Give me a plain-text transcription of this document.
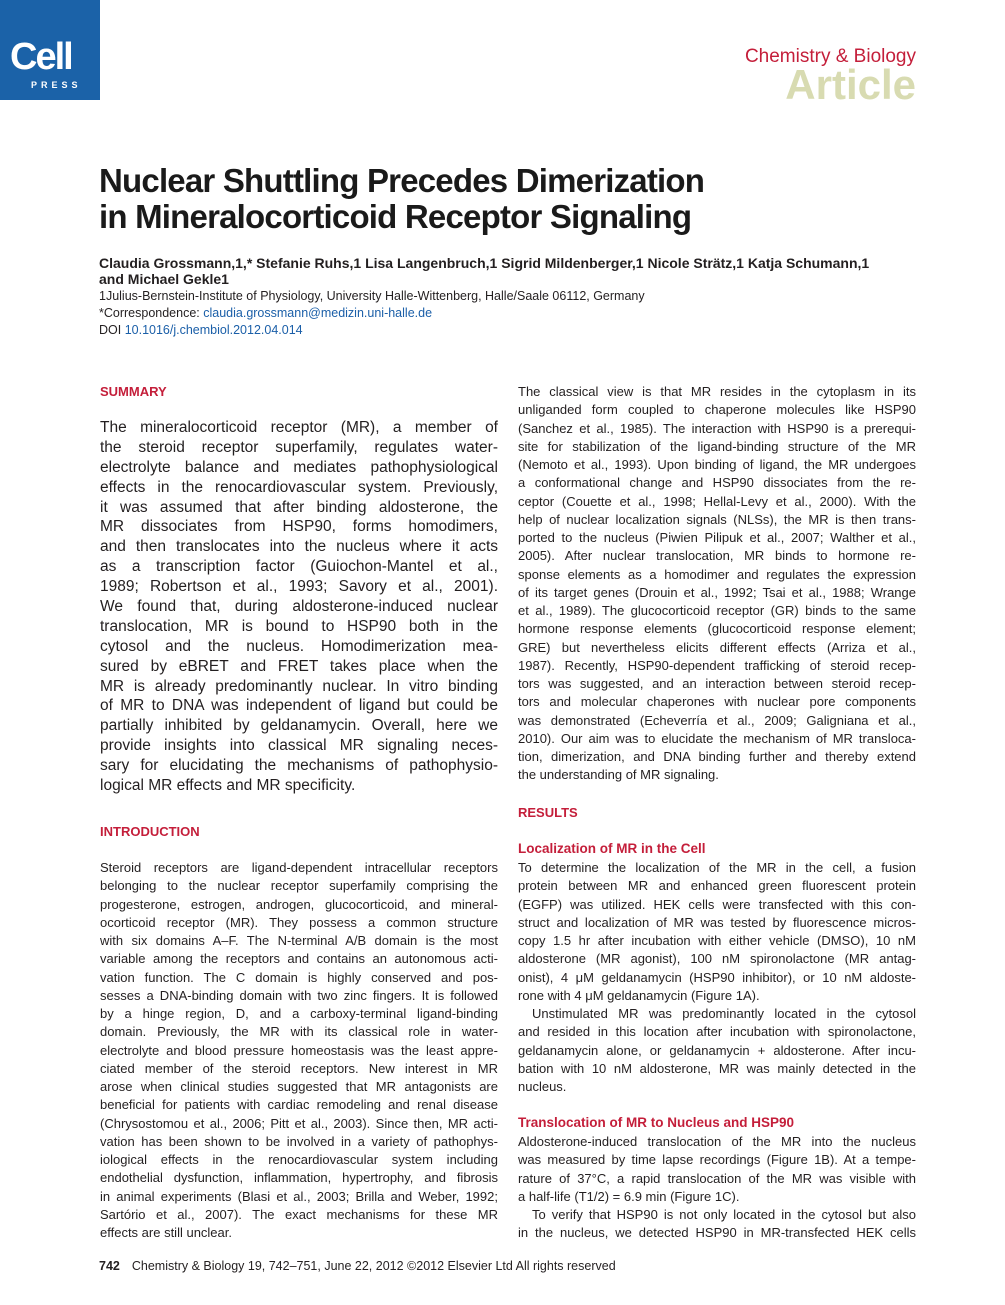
Cell
PRESS
Chemistry & Biology
Article
Nuclear Shuttling Precedes Dimerization
in Mineralocorticoid Receptor Signaling
Claudia Grossmann,1,* Stefanie Ruhs,1 Lisa Langenbruch,1 Sigrid Mildenberger,1 Nicole Strätz,1 Katja Schumann,1
and Michael Gekle1
1Julius-Bernstein-Institute of Physiology, University Halle-Wittenberg, Halle/Saale 06112, Germany
*Correspondence: claudia.grossmann@medizin.uni-halle.de
DOI 10.1016/j.chembiol.2012.04.014
SUMMARY
The mineralocorticoid receptor (MR), a member of
the steroid receptor superfamily, regulates water-
electrolyte balance and mediates pathophysiological
effects in the renocardiovascular system. Previously,
it was assumed that after binding aldosterone, the
MR dissociates from HSP90, forms homodimers,
and then translocates into the nucleus where it acts
as a transcription factor (Guiochon-Mantel et al.,
1989; Robertson et al., 1993; Savory et al., 2001).
We found that, during aldosterone-induced nuclear
translocation, MR is bound to HSP90 both in the
cytosol and the nucleus. Homodimerization mea-
sured by eBRET and FRET takes place when the
MR is already predominantly nuclear. In vitro binding
of MR to DNA was independent of ligand but could be
partially inhibited by geldanamycin. Overall, here we
provide insights into classical MR signaling neces-
sary for elucidating the mechanisms of pathophysio-
logical MR effects and MR specificity.
INTRODUCTION
Steroid receptors are ligand-dependent intracellular receptors
belonging to the nuclear receptor superfamily comprising the
progesterone, estrogen, androgen, glucocorticoid, and mineral-
ocorticoid receptor (MR). They possess a common structure
with six domains A–F. The N-terminal A/B domain is the most
variable among the receptors and contains an autonomous acti-
vation function. The C domain is highly conserved and pos-
sesses a DNA-binding domain with two zinc fingers. It is followed
by a hinge region, D, and a carboxy-terminal ligand-binding
domain. Previously, the MR with its classical role in water-
electrolyte and blood pressure homeostasis was the least appre-
ciated member of the steroid receptors. New interest in MR
arose when clinical studies suggested that MR antagonists are
beneficial for patients with cardiac remodeling and renal disease
(Chrysostomou et al., 2006; Pitt et al., 2003). Since then, MR acti-
vation has been shown to be involved in a variety of pathophys-
iological effects in the renocardiovascular system including
endothelial dysfunction, inflammation, hypertrophy, and fibrosis
in animal experiments (Blasi et al., 2003; Brilla and Weber, 1992;
Sartório et al., 2007). The exact mechanisms for these MR
effects are still unclear.
The classical view is that MR resides in the cytoplasm in its
unliganded form coupled to chaperone molecules like HSP90
(Sanchez et al., 1985). The interaction with HSP90 is a prerequi-
site for stabilization of the ligand-binding structure of the MR
(Nemoto et al., 1993). Upon binding of ligand, the MR undergoes
a conformational change and HSP90 dissociates from the re-
ceptor (Couette et al., 1998; Hellal-Levy et al., 2000). With the
help of nuclear localization signals (NLSs), the MR is then trans-
ported to the nucleus (Piwien Pilipuk et al., 2007; Walther et al.,
2005). After nuclear translocation, MR binds to hormone re-
sponse elements as a homodimer and regulates the expression
of its target genes (Drouin et al., 1992; Tsai et al., 1988; Wrange
et al., 1989). The glucocorticoid receptor (GR) binds to the same
hormone response elements (glucocorticoid response element;
GRE) but nevertheless elicits different effects (Arriza et al.,
1987). Recently, HSP90-dependent trafficking of steroid recep-
tors was suggested, and an interaction between steroid recep-
tors and molecular chaperones with nuclear pore components
was demonstrated (Echeverría et al., 2009; Galigniana et al.,
2010). Our aim was to elucidate the mechanism of MR transloca-
tion, dimerization, and DNA binding further and thereby extend
the understanding of MR signaling.
RESULTS
Localization of MR in the Cell
To determine the localization of the MR in the cell, a fusion
protein between MR and enhanced green fluorescent protein
(EGFP) was utilized. HEK cells were transfected with this con-
struct and localization of MR was tested by fluorescence micros-
copy 1.5 hr after incubation with either vehicle (DMSO), 10 nM
aldosterone (MR agonist), 100 nM spironolactone (MR antag-
onist), 4 μM geldanamycin (HSP90 inhibitor), or 10 nM aldoste-
rone with 4 μM geldanamycin (Figure 1A).
Unstimulated MR was predominantly located in the cytosol
and resided in this location after incubation with spironolactone,
geldanamycin alone, or geldanamycin + aldosterone. After incu-
bation with 10 nM aldosterone, MR was mainly detected in the
nucleus.
Translocation of MR to Nucleus and HSP90
Aldosterone-induced translocation of the MR into the nucleus
was measured by time lapse recordings (Figure 1B). At a tempe-
rature of 37°C, a rapid translocation of the MR was visible with
a half-life (T1/2) = 6.9 min (Figure 1C).
To verify that HSP90 is not only located in the cytosol but also
in the nucleus, we detected HSP90 in MR-transfected HEK cells
742 Chemistry & Biology 19, 742–751, June 22, 2012 ©2012 Elsevier Ltd All rights reserved
